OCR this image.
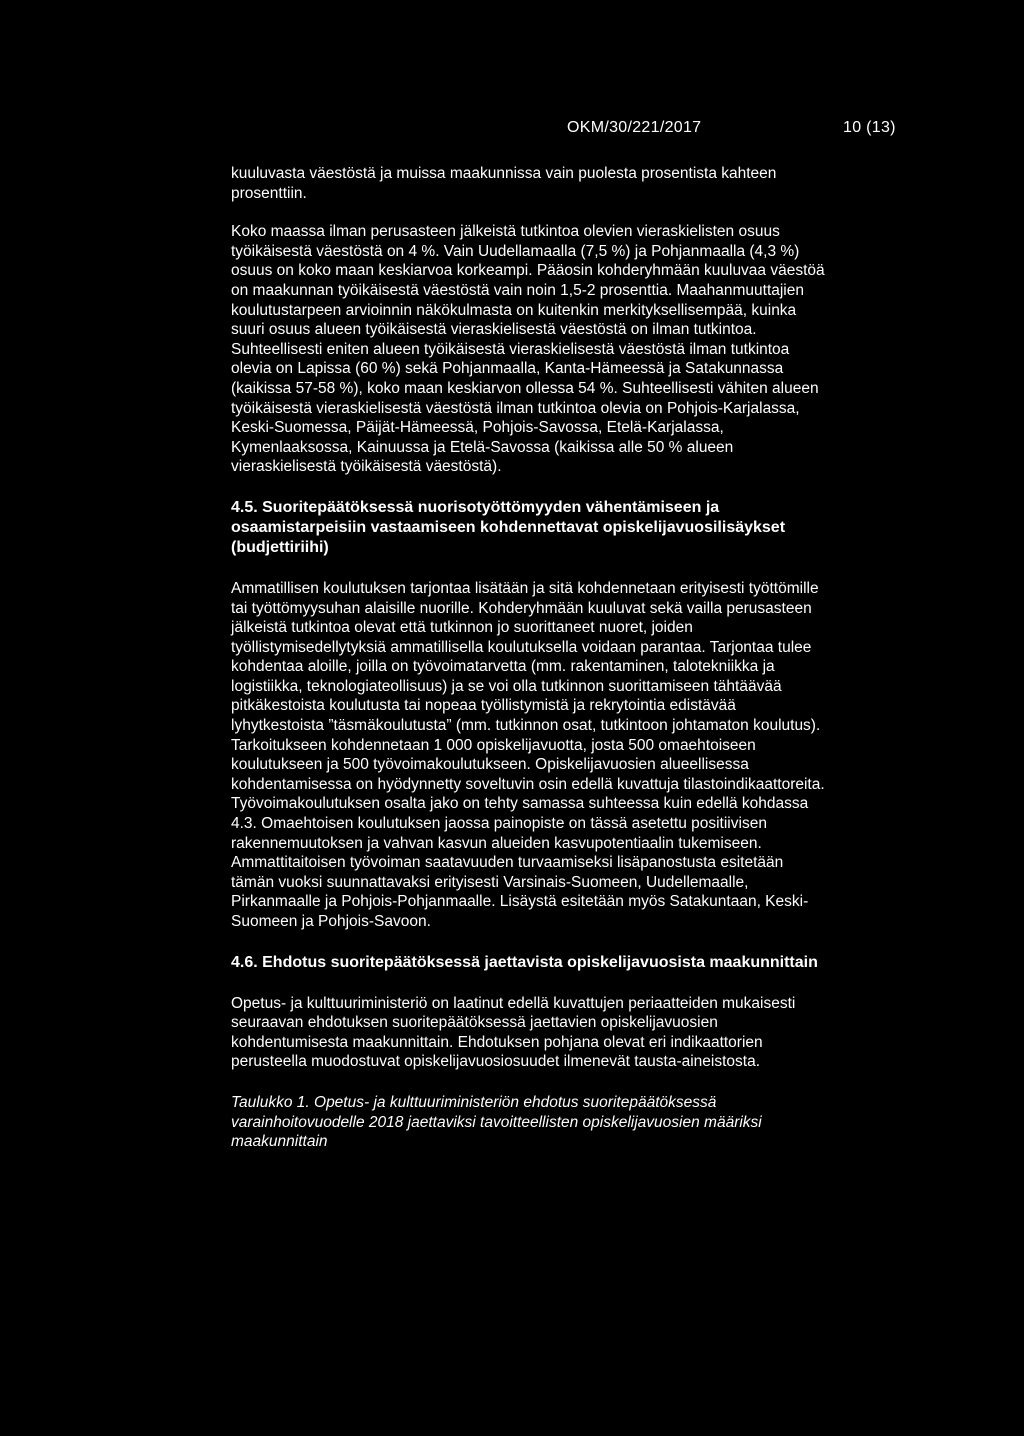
OKM/30/221/2017	10 (13)
kuuluvasta väestöstä ja muissa maakunnissa vain puolesta prosentista kahteen
prosenttiin.
Koko maassa ilman perusasteen jälkeistä tutkintoa olevien vieraskielisten osuus
työikäisestä väestöstä on 4 %. Vain Uudellamaalla (7,5 %) ja Pohjanmaalla (4,3 %)
osuus on koko maan keskiarvoa korkeampi. Pääosin kohderyhmään kuuluvaa väestöä
on maakunnan työikäisestä väestöstä vain noin 1,5-2 prosenttia. Maahanmuuttajien
koulutustarpeen arvioinnin näkökulmasta on kuitenkin merkityksellisempää, kuinka
suuri osuus alueen työikäisestä vieraskielisestä väestöstä on ilman tutkintoa.
Suhteellisesti eniten alueen työikäisestä vieraskielisestä väestöstä ilman tutkintoa
olevia on Lapissa (60 %) sekä Pohjanmaalla, Kanta-Hämeessä ja Satakunnassa
(kaikissa 57-58 %), koko maan keskiarvon ollessa 54 %. Suhteellisesti vähiten alueen
työikäisestä vieraskielisestä väestöstä ilman tutkintoa olevia on Pohjois-Karjalassa,
Keski-Suomessa, Päijät-Hämeessä, Pohjois-Savossa, Etelä-Karjalassa,
Kymenlaaksossa, Kainuussa ja Etelä-Savossa (kaikissa alle 50 % alueen
vieraskielisestä työikäisestä väestöstä).
4.5. Suoritepäätöksessä nuorisotyöttömyyden vähentämiseen ja
osaamistarpeisiin vastaamiseen kohdennettavat opiskelijavuosilisäykset
(budjettiriihi)
Ammatillisen koulutuksen tarjontaa lisätään ja sitä kohdennetaan erityisesti työttömille
tai työttömyysuhan alaisille nuorille. Kohderyhmään kuuluvat sekä vailla perusasteen
jälkeistä tutkintoa olevat että tutkinnon jo suorittaneet nuoret, joiden
työllistymisedellytyksiä ammatillisella koulutuksella voidaan parantaa. Tarjontaa tulee
kohdentaa aloille, joilla on työvoimatarvetta (mm. rakentaminen, talotekniikka ja
logistiikka, teknologiateollisuus) ja se voi olla tutkinnon suorittamiseen tähtäävää
pitkäkestoista koulutusta tai nopeaa työllistymistä ja rekrytointia edistävää
lyhytkestoista ”täsmäkoulutusta” (mm. tutkinnon osat, tutkintoon johtamaton koulutus).
Tarkoitukseen kohdennetaan 1 000 opiskelijavuotta, josta 500 omaehtoiseen
koulutukseen ja 500 työvoimakoulutukseen. Opiskelijavuosien alueellisessa
kohdentamisessa on hyödynnetty soveltuvin osin edellä kuvattuja tilastoindikaattoreita.
Työvoimakoulutuksen osalta jako on tehty samassa suhteessa kuin edellä kohdassa
4.3. Omaehtoisen koulutuksen jaossa painopiste on tässä asetettu positiivisen
rakennemuutoksen ja vahvan kasvun alueiden kasvupotentiaalin tukemiseen.
Ammattitaitoisen työvoiman saatavuuden turvaamiseksi lisäpanostusta esitetään
tämän vuoksi suunnattavaksi erityisesti Varsinais-Suomeen, Uudellemaalle,
Pirkanmaalle ja Pohjois-Pohjanmaalle. Lisäystä esitetään myös Satakuntaan, Keski-
Suomeen ja Pohjois-Savoon.
4.6. Ehdotus suoritepäätöksessä jaettavista opiskelijavuosista maakunnittain
Opetus- ja kulttuuriministeriö on laatinut edellä kuvattujen periaatteiden mukaisesti
seuraavan ehdotuksen suoritepäätöksessä jaettavien opiskelijavuosien
kohdentumisesta maakunnittain. Ehdotuksen pohjana olevat eri indikaattorien
perusteella muodostuvat opiskelijavuosiosuudet ilmenevät tausta-aineistosta.
Taulukko 1. Opetus- ja kulttuuriministeriön ehdotus suoritepäätöksessä
varainhoitovuodelle 2018 jaettaviksi tavoitteellisten opiskelijavuosien määriksi
maakunnittain
